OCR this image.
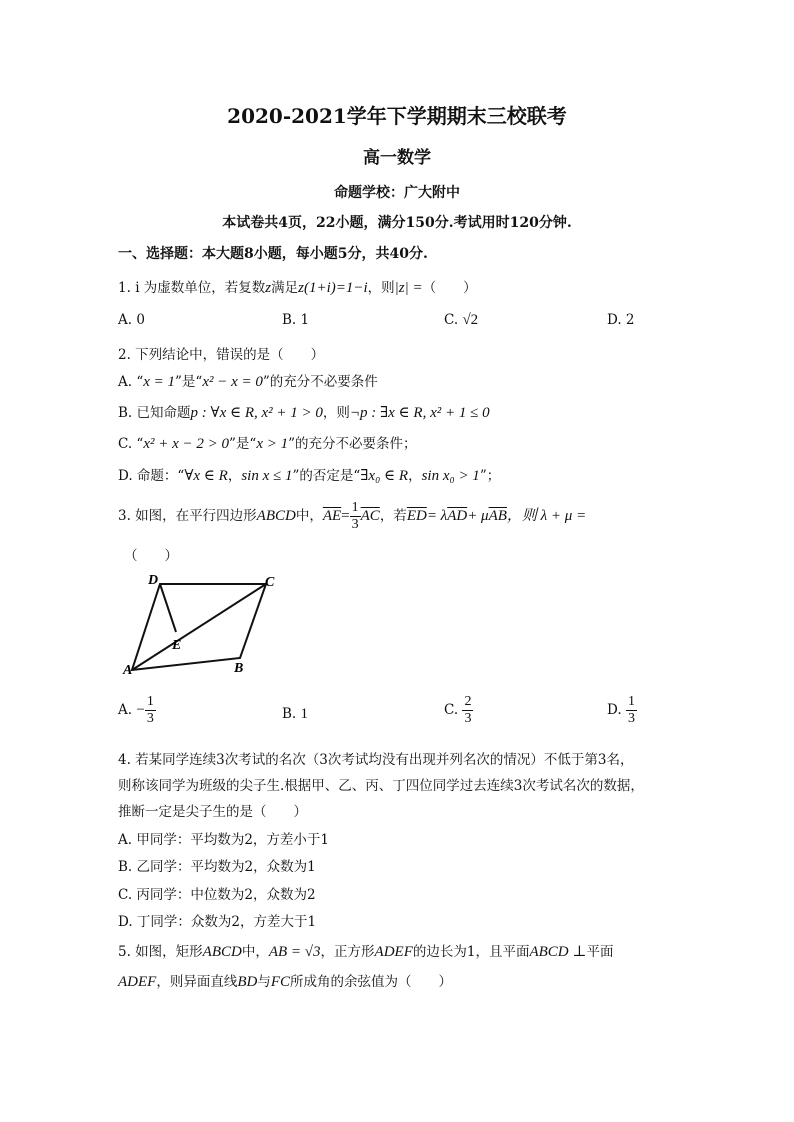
2020-2021学年下学期期末三校联考
高一数学
命题学校：广大附中
本试卷共4页，22小题，满分150分.考试用时120分钟.
一、选择题：本大题8小题，每小题5分，共40分.
1. i 为虚数单位，若复数z满足z(1+i)=1−i，则|z| =（　　）
A. 0	B. 1	C. √2	D. 2
2. 下列结论中，错误的是（　　）
A. “x = 1”是“x² − x = 0”的充分不必要条件
B. 已知命题p : ∀x ∈ R, x² + 1 > 0，则¬p : ∃x ∈ R, x² + 1 ≤ 0
C. “x² + x − 2 > 0”是“x > 1”的充分不必要条件；
D. 命题：“∀x ∈ R，sin x ≤ 1”的否定是“∃x₀ ∈ R，sin x₀ > 1”；
3. 如图，在平行四边形ABCD中，$\overline{AE}= \frac{1}{3} \overline{AC}$，若$\overline{ED}= \lambda\overline{AD}+ \mu\overline{AB}$，则 λ + μ =
（　　）
D	C
E
A	B
A. − $\frac{1}{3}$	B. 1	C. $\frac{2}{3}$	D. $\frac{1}{3}$
4. 若某同学连续3次考试的名次（3次考试均没有出现并列名次的情况）不低于第3名，
则称该同学为班级的尖子生.根据甲、乙、丙、丁四位同学过去连续3次考试名次的数据，
推断一定是尖子生的是（　　）
A. 甲同学：平均数为2，方差小于1
B. 乙同学：平均数为2，众数为1
C. 丙同学：中位数为2，众数为2
D. 丁同学：众数为2，方差大于1
5. 如图，矩形ABCD中，AB = √3，正方形ADEF的边长为1，且平面ABCD ⊥平面
ADEF，则异面直线BD与FC所成角的余弦值为（　　）
